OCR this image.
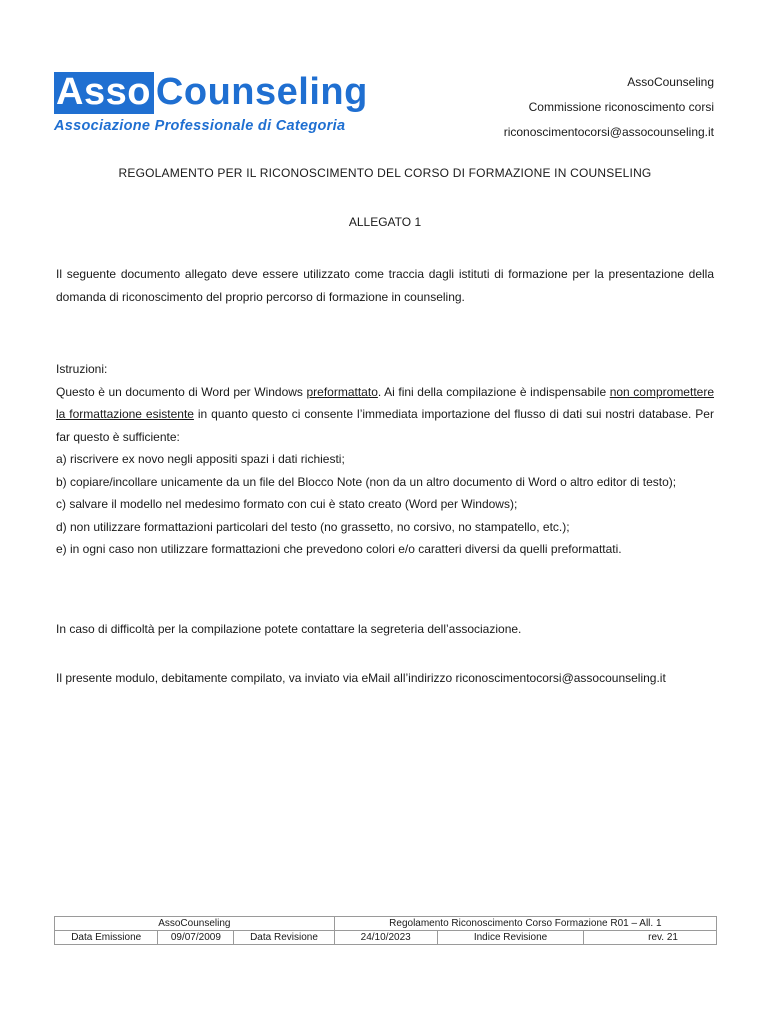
Asso Counseling
Associazione Professionale di Categoria
AssoCounseling
Commissione riconoscimento corsi
riconoscimentocorsi@assocounseling.it
REGOLAMENTO PER IL RICONOSCIMENTO DEL CORSO DI FORMAZIONE IN COUNSELING
ALLEGATO 1

Il seguente documento allegato deve essere utilizzato come traccia dagli istituti di formazione per la presentazione della domanda di riconoscimento del proprio percorso di formazione in counseling.

Istruzioni:

Questo è un documento di Word per Windows preformattato. Ai fini della compilazione è indispensabile non compromettere la formattazione esistente in quanto questo ci consente l’immediata importazione del flusso di dati sui nostri database. Per far questo è sufficiente:

a) riscrivere ex novo negli appositi spazi i dati richiesti;

b) copiare/incollare unicamente da un file del Blocco Note (non da un altro documento di Word o altro editor di testo);

c) salvare il modello nel medesimo formato con cui è stato creato (Word per Windows);

d) non utilizzare formattazioni particolari del testo (no grassetto, no corsivo, no stampatello, etc.);

e) in ogni caso non utilizzare formattazioni che prevedono colori e/o caratteri diversi da quelli preformattati.

In caso di difficoltà per la compilazione potete contattare la segreteria dell’associazione.

Il presente modulo, debitamente compilato, va inviato via eMail all’indirizzo riconoscimentocorsi@assocounseling.it

AssoCounseling			Regolamento Riconoscimento Corso Formazione R01 – All. 1		
Data Emissione	09/07/2009	Data Revisione	24/10/2023	Indice Revisione	rev. 21
